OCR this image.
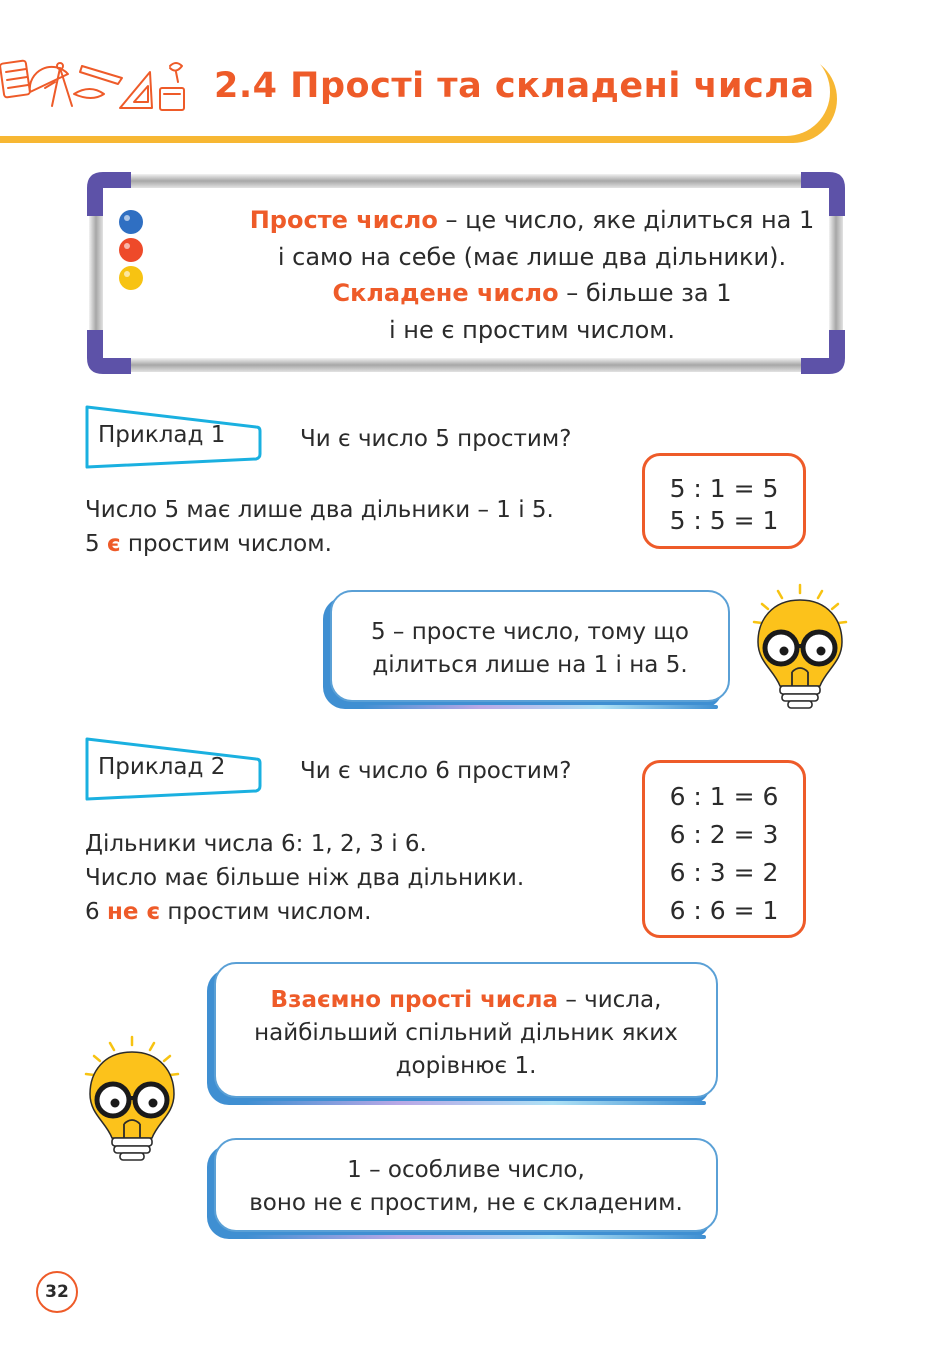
2.4 Прості та складені числа
Просте число – це число, яке ділиться на 1
і само на себе (має лише два дільники).
Складене число – більше за 1
і не є простим числом.
Приклад 1	Чи є число 5 простим?
Число 5 має лише два дільники – 1 і 5.
5 є простим числом.
5 : 1 = 5
5 : 5 = 1
5 – просте число, тому що
ділиться лише на 1 і на 5.
Приклад 2	Чи є число 6 простим?
Дільники числа 6: 1, 2, 3 і 6.
Число має більше ніж два дільники.
6 не є простим числом.
6 : 1 = 6
6 : 2 = 3
6 : 3 = 2
6 : 6 = 1
Взаємно прості числа – числа,
найбільший спільний дільник яких
дорівнює 1.
1 – особливе число,
воно не є простим, не є складеним.
32
